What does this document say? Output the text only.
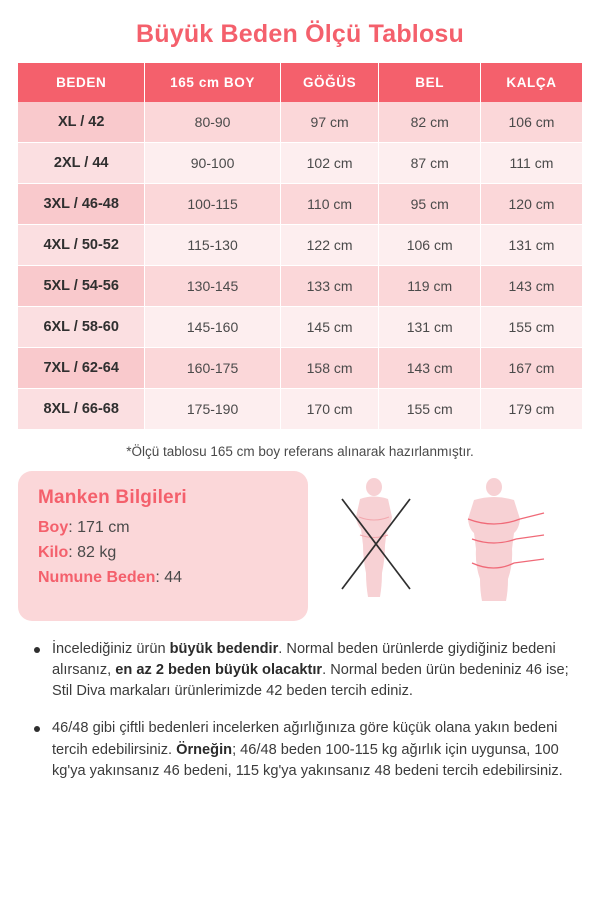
Büyük Beden Ölçü Tablosu
BEDEN	165 cm BOY	GÖĞÜS	BEL	KALÇA
XL / 42	80-90	97 cm	82 cm	106 cm
2XL / 44	90-100	102 cm	87 cm	111 cm
3XL / 46-48	100-115	110 cm	95 cm	120 cm
4XL / 50-52	115-130	122 cm	106 cm	131 cm
5XL / 54-56	130-145	133 cm	119 cm	143 cm
6XL / 58-60	145-160	145 cm	131 cm	155 cm
7XL / 62-64	160-175	158 cm	143 cm	167 cm
8XL / 66-68	175-190	170 cm	155 cm	179 cm
*Ölçü tablosu 165 cm boy referans alınarak hazırlanmıştır.
Manken Bilgileri
Boy: 171 cm
Kilo: 82 kg
Numune Beden: 44
İncelediğiniz ürün büyük bedendir. Normal beden ürünlerde giydiğiniz bedeni alırsanız, en az 2 beden büyük olacaktır. Normal beden ürün bedeniniz 46 ise; Stil Diva markaları ürünlerimizde 42 beden tercih ediniz.
46/48 gibi çiftli bedenleri incelerken ağırlığınıza göre küçük olana yakın bedeni tercih edebilirsiniz. Örneğin; 46/48 beden 100-115 kg ağırlık için uygunsa, 100 kg'ya yakınsanız 46 bedeni, 115 kg'ya yakınsanız 48 bedeni tercih edebilirsiniz.
